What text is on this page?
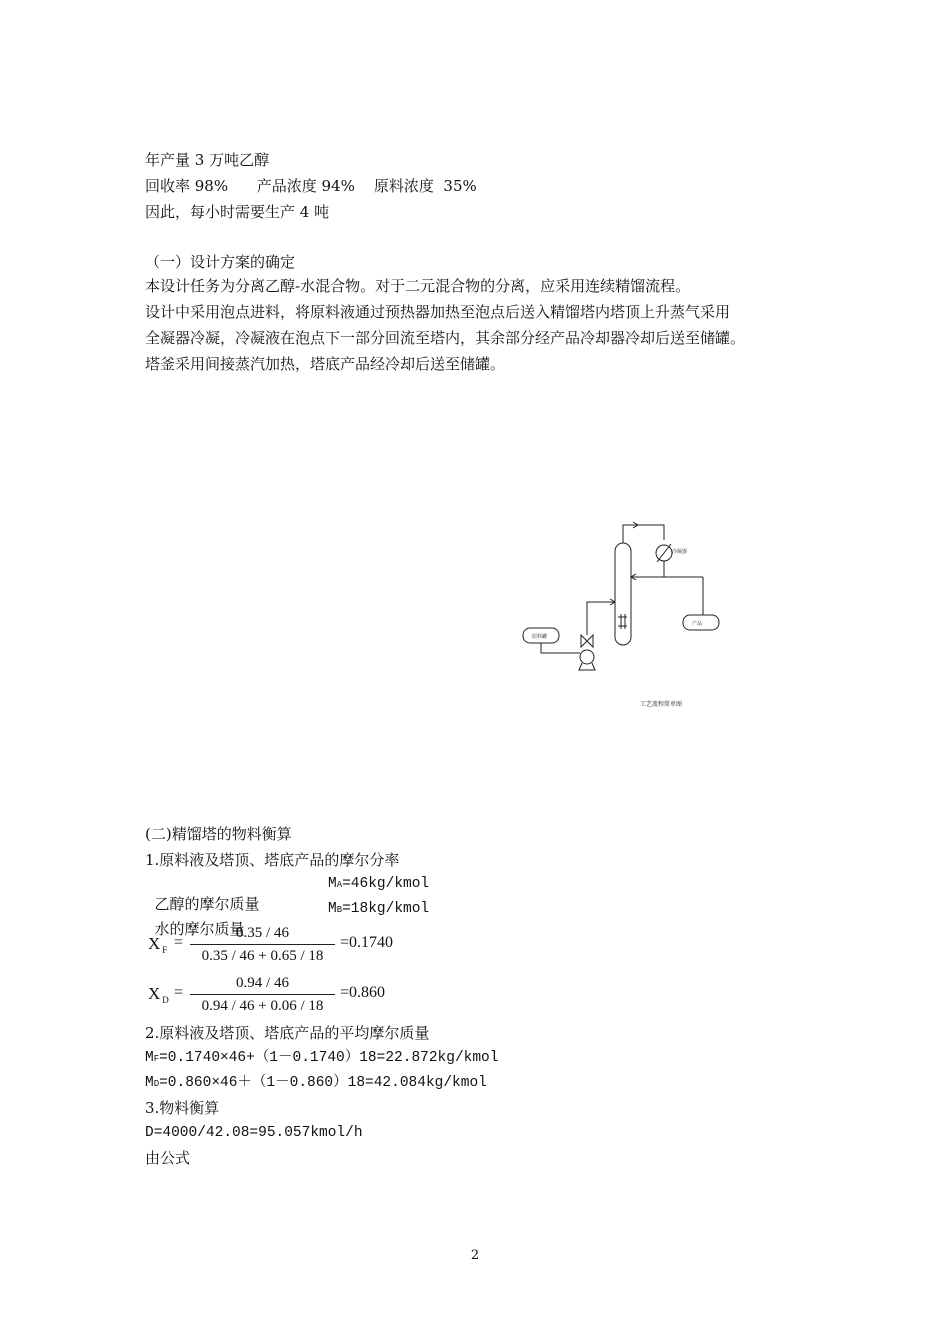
年产量 3 万吨乙醇
回收率 98%      产品浓度 94%    原料浓度  35%
因此，每小时需要生产 4 吨
（一）设计方案的确定
本设计任务为分离乙醇-水混合物。对于二元混合物的分离，应采用连续精馏流程。
设计中采用泡点进料，将原料液通过预热器加热至泡点后送入精馏塔内塔顶上升蒸气采用
全凝器冷凝，冷凝液在泡点下一部分回流至塔内，其余部分经产品冷却器冷却后送至储罐。
塔釜采用间接蒸汽加热，塔底产品经冷却后送至储罐。
冷凝器
产品
原料罐
工艺流程简单图
(二)精馏塔的物料衡算
1.原料液及塔顶、塔底产品的摩尔分率

乙醇的摩尔质量

MA=46kg/kmol

水的摩尔质量

MB=18kg/kmol
X $_F$ =
0.35 / 46
0.35 / 46 + 0.65 / 18
=0.1740
X $_D$ =
0.94 / 46
0.94 / 46 + 0.06 / 18
=0.860
2.原料液及塔顶、塔底产品的平均摩尔质量
MF=0.1740×46+（1－0.1740）18=22.872kg/kmol
MD=0.860×46＋（1－0.860）18=42.084kg/kmol
3.物料衡算
D=4000/42.08=95.057kmol/h
由公式
2
